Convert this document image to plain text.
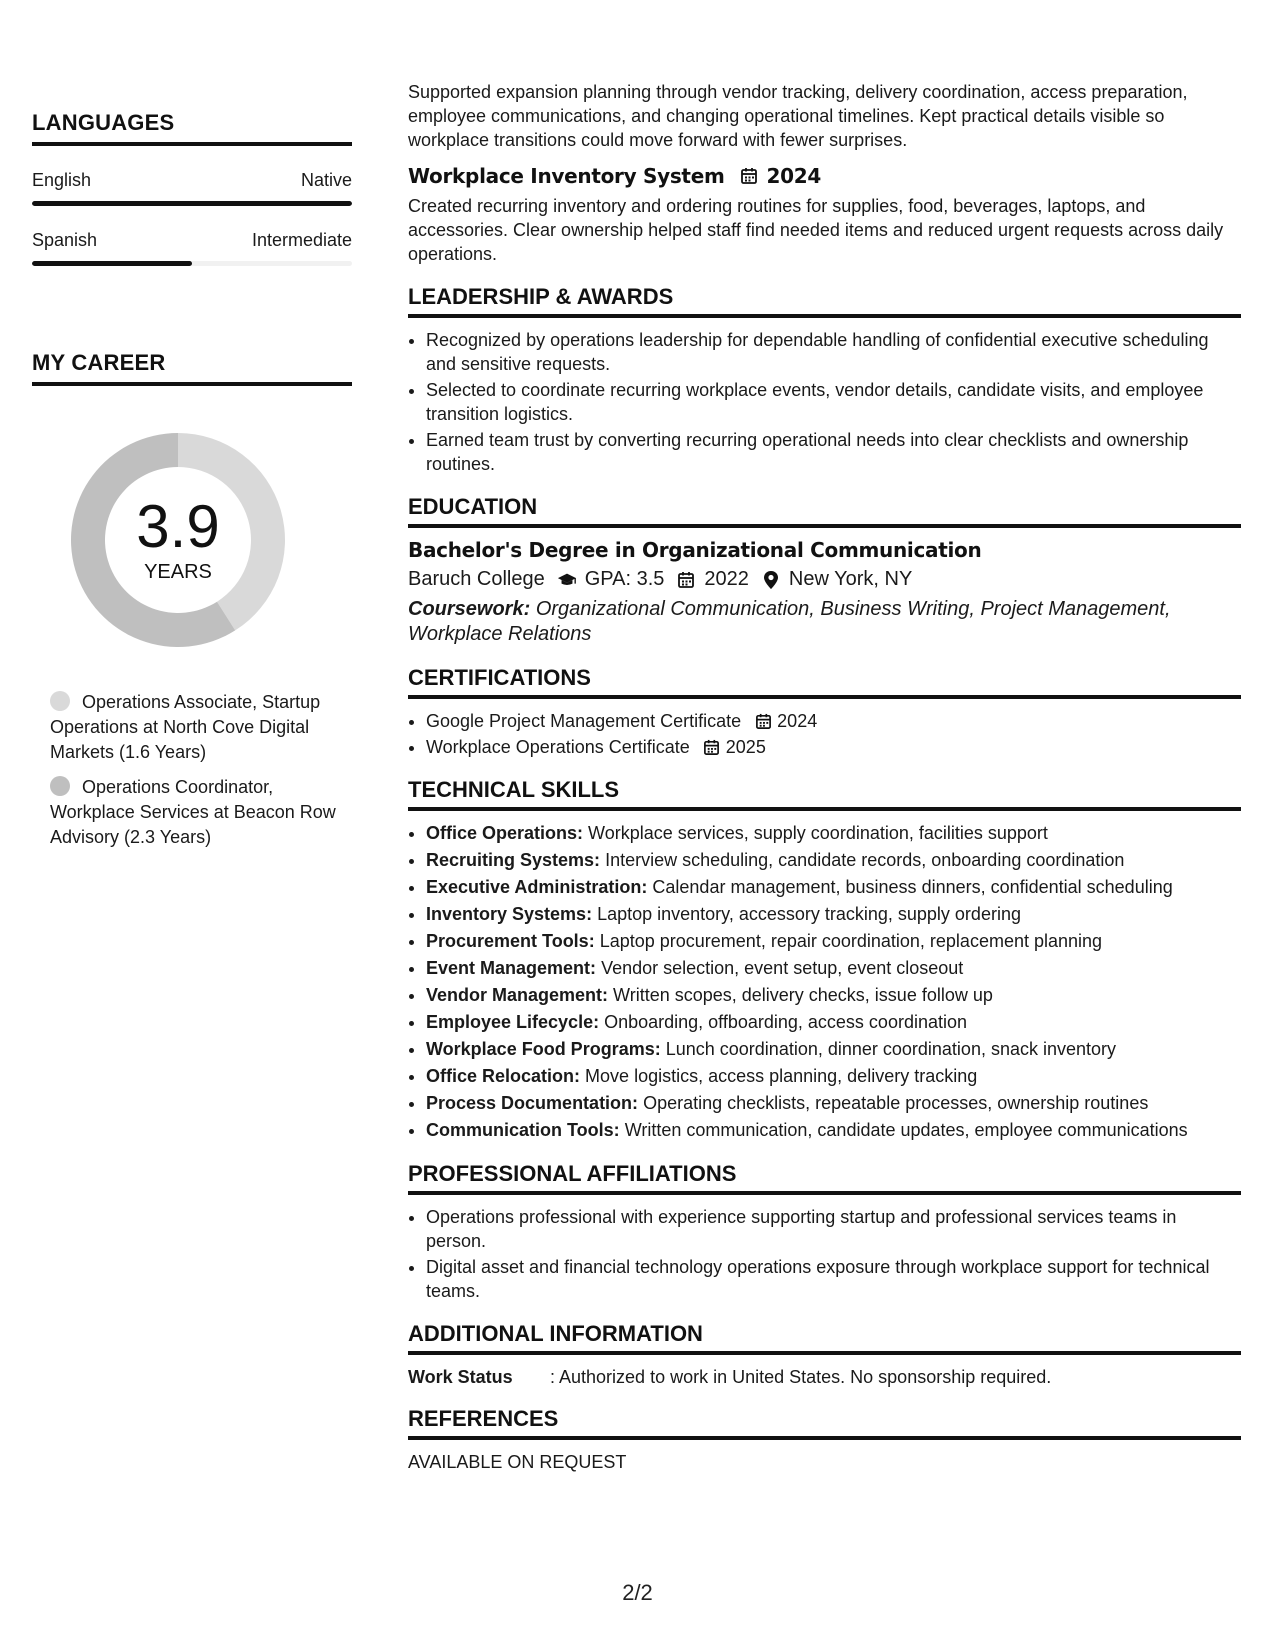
LANGUAGES
English	Native
Spanish	Intermediate
MY CAREER
3.9
YEARS
Operations Associate, Startup Operations at North Cove Digital Markets (1.6 Years)
Operations Coordinator, Workplace Services at Beacon Row Advisory (2.3 Years)
Supported expansion planning through vendor tracking, delivery coordination, access preparation, employee communications, and changing operational timelines. Kept practical details visible so workplace transitions could move forward with fewer surprises.
Workplace Inventory System 2024
Created recurring inventory and ordering routines for supplies, food, beverages, laptops, and accessories. Clear ownership helped staff find needed items and reduced urgent requests across daily operations.
LEADERSHIP & AWARDS
• Recognized by operations leadership for dependable handling of confidential executive scheduling and sensitive requests.
• Selected to coordinate recurring workplace events, vendor details, candidate visits, and employee transition logistics.
• Earned team trust by converting recurring operational needs into clear checklists and ownership routines.
EDUCATION
Bachelor's Degree in Organizational Communication
Baruch College GPA: 3.5 2022 New York, NY
Coursework: Organizational Communication, Business Writing, Project Management, Workplace Relations
CERTIFICATIONS
• Google Project Management Certificate 2024
• Workplace Operations Certificate 2025
TECHNICAL SKILLS
• Office Operations: Workplace services, supply coordination, facilities support
• Recruiting Systems: Interview scheduling, candidate records, onboarding coordination
• Executive Administration: Calendar management, business dinners, confidential scheduling
• Inventory Systems: Laptop inventory, accessory tracking, supply ordering
• Procurement Tools: Laptop procurement, repair coordination, replacement planning
• Event Management: Vendor selection, event setup, event closeout
• Vendor Management: Written scopes, delivery checks, issue follow up
• Employee Lifecycle: Onboarding, offboarding, access coordination
• Workplace Food Programs: Lunch coordination, dinner coordination, snack inventory
• Office Relocation: Move logistics, access planning, delivery tracking
• Process Documentation: Operating checklists, repeatable processes, ownership routines
• Communication Tools: Written communication, candidate updates, employee communications
PROFESSIONAL AFFILIATIONS
• Operations professional with experience supporting startup and professional services teams in person.
• Digital asset and financial technology operations exposure through workplace support for technical teams.
ADDITIONAL INFORMATION
Work Status	: Authorized to work in United States. No sponsorship required.
REFERENCES
AVAILABLE ON REQUEST
2/2
